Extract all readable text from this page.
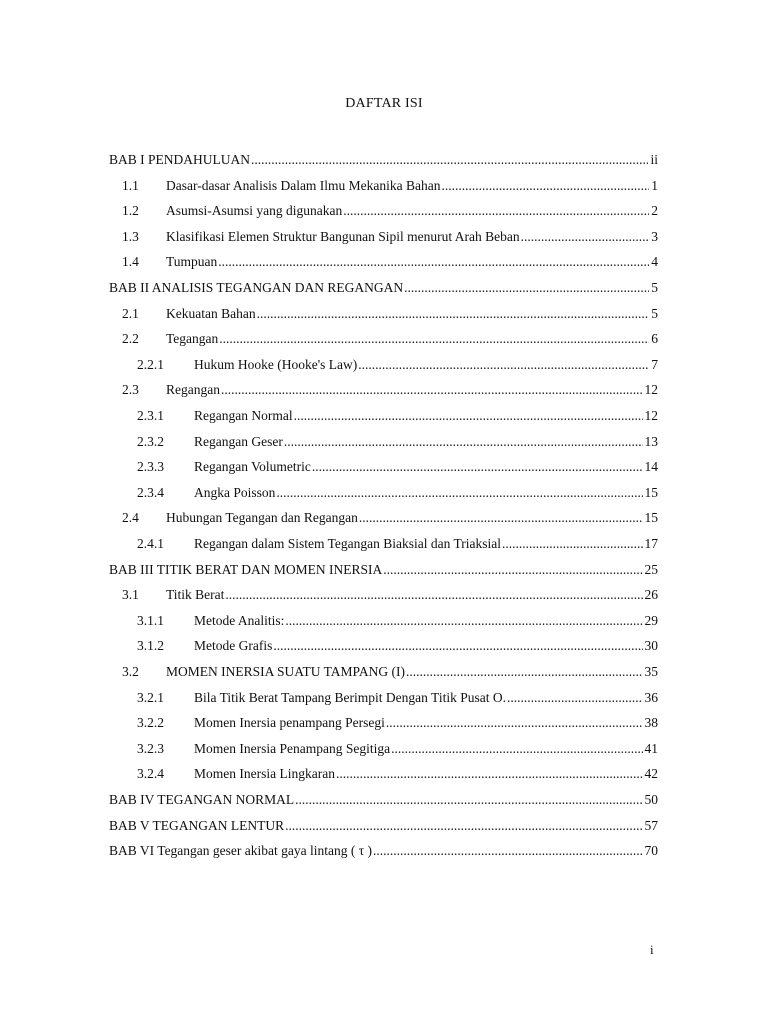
DAFTAR ISI
BAB I PENDAHULUAN .....	ii
1.1	Dasar-dasar Analisis Dalam Ilmu Mekanika Bahan .....	1
1.2	Asumsi-Asumsi yang digunakan .....	2
1.3	Klasifikasi Elemen Struktur Bangunan Sipil menurut Arah Beban .....	3
1.4	Tumpuan .....	4
BAB II ANALISIS TEGANGAN DAN REGANGAN .....	5
2.1	Kekuatan Bahan .....	5
2.2	Tegangan .....	6
2.2.1	Hukum Hooke (Hooke's Law) .....	7
2.3	Regangan .....	12
2.3.1	Regangan Normal .....	12
2.3.2	Regangan Geser .....	13
2.3.3	Regangan Volumetric .....	14
2.3.4	Angka Poisson .....	15
2.4	Hubungan Tegangan dan Regangan .....	15
2.4.1	Regangan dalam Sistem Tegangan Biaksial dan Triaksial .....	17
BAB III TITIK BERAT DAN MOMEN INERSIA .....	25
3.1	Titik Berat .....	26
3.1.1	Metode Analitis: .....	29
3.1.2	Metode Grafis .....	30
3.2	MOMEN INERSIA SUATU TAMPANG (I) .....	35
3.2.1	Bila Titik Berat Tampang Berimpit Dengan Titik Pusat O. .....	36
3.2.2	Momen Inersia penampang Persegi .....	38
3.2.3	Momen Inersia Penampang Segitiga .....	41
3.2.4	Momen Inersia Lingkaran .....	42
BAB IV TEGANGAN NORMAL .....	50
BAB V TEGANGAN LENTUR .....	57
BAB VI Tegangan geser akibat gaya lintang ( τ ) .....	70
i
